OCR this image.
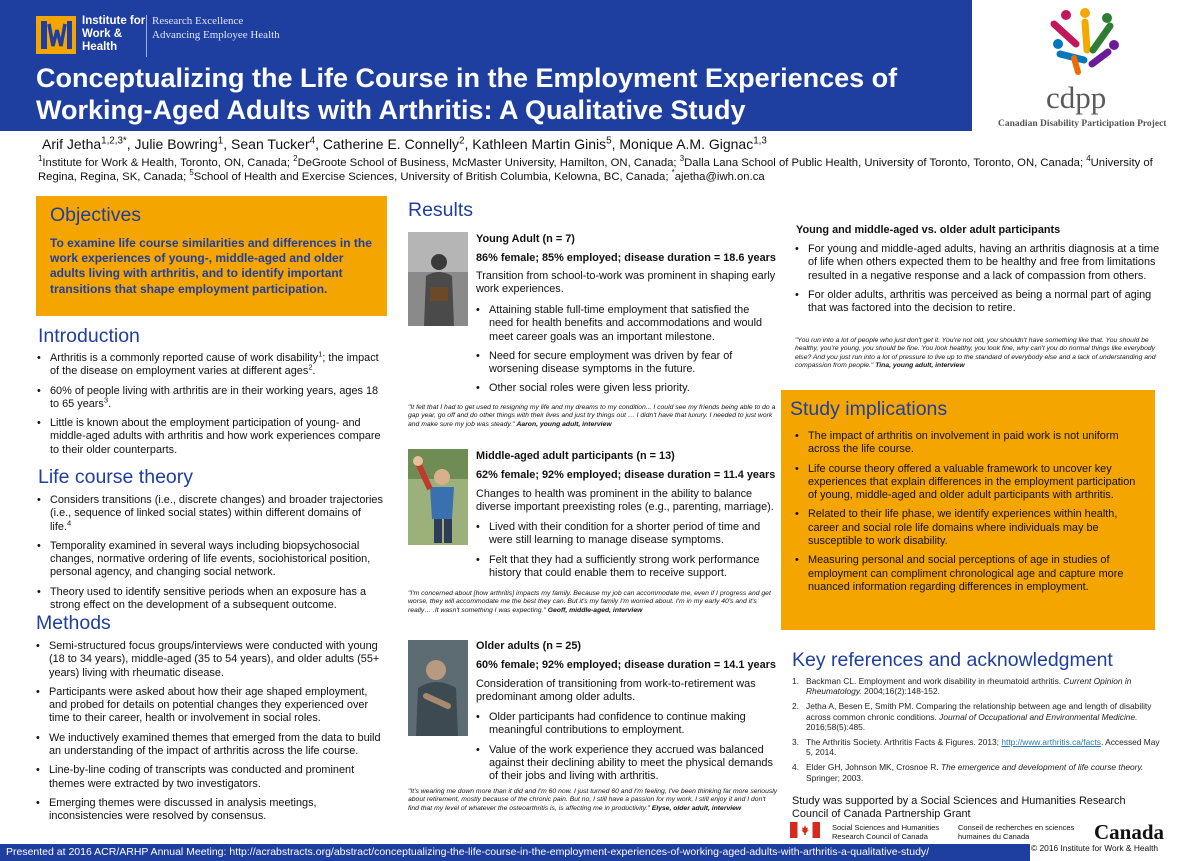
Institute for Work & Health
Research Excellence Advancing Employee Health
Conceptualizing the Life Course in the Employment Experiences of Working-Aged Adults with Arthritis: A Qualitative Study	cdpp
Canadian Disability Participation Project
Arif Jetha$^{1,2,3*}$, Julie Bowring$^1$, Sean Tucker$^4$, Catherine E. Connelly$^2$, Kathleen Martin Ginis$^5$, Monique A.M. Gignac$^{1,3}$
$^1$Institute for Work & Health, Toronto, ON, Canada; $^2$DeGroote School of Business, McMaster University, Hamilton, ON, Canada; $^3$Dalla Lana School of Public Health, University of Toronto, Toronto, ON, Canada; $^4$University of Regina, Regina, SK, Canada; $^5$School of Health and Exercise Sciences, University of British Columbia, Kelowna, BC, Canada; *ajetha@iwh.on.ca
Objectives
To examine life course similarities and differences in the work experiences of young-, middle-aged and older adults living with arthritis, and to identify important transitions that shape employment participation.
Introduction
• Arthritis is a commonly reported cause of work disability$^1$; the impact of the disease on employment varies at different ages$^2$.
• 60% of people living with arthritis are in their working years, ages 18 to 65 years$^3$.
• Little is known about the employment participation of young- and middle-aged adults with arthritis and how work experiences compare to their older counterparts.
Life course theory
• Considers transitions (i.e., discrete changes) and broader trajectories (i.e., sequence of linked social states) within different domains of life.$^4$
• Temporality examined in several ways including biopsychosocial changes, normative ordering of life events, sociohistorical position, personal agency, and changing social network.
• Theory used to identify sensitive periods when an exposure has a strong effect on the development of a subsequent outcome.
Methods
• Semi-structured focus groups/interviews were conducted with young (18 to 34 years), middle-aged (35 to 54 years), and older adults (55+ years) living with rheumatic disease.
• Participants were asked about how their age shaped employment, and probed for details on potential changes they experienced over time to their career, health or involvement in social roles.
• We inductively examined themes that emerged from the data to build an understanding of the impact of arthritis across the life course.
• Line-by-line coding of transcripts was conducted and prominent themes were extracted by two investigators.
• Emerging themes were discussed in analysis meetings, inconsistencies were resolved by consensus.
Results
Young Adult (n = 7)
86% female; 85% employed; disease duration = 18.6 years
Transition from school-to-work was prominent in shaping early work experiences.
• Attaining stable full-time employment that satisfied the need for health benefits and accommodations and would meet career goals was an important milestone.
• Need for secure employment was driven by fear of worsening disease symptoms in the future.
• Other social roles were given less priority.
"It felt that I had to get used to resigning my life and my dreams to my condition... I could see my friends being able to do a gap year, go off and do other things with their lives and just try things out … I didn't have that luxury. I needed to just work and make sure my job was steady." Aaron, young adult, interview
Middle-aged adult participants (n = 13)
62% female; 92% employed; disease duration = 11.4 years
Changes to health was prominent in the ability to balance diverse important preexisting roles (e.g., parenting, marriage).
• Lived with their condition for a shorter period of time and were still learning to manage disease symptoms.
• Felt that they had a sufficiently strong work performance history that could enable them to receive support.
"I'm concerned about [how arthritis] impacts my family. Because my job can accommodate me, even if I progress and get worse, they will accommodate me the best they can. But it's my family I'm worried about. I'm in my early 40's and it's really… .It wasn't something I was expecting." Geoff, middle-aged, interview
Older adults (n = 25)
60% female; 92% employed; disease duration = 14.1 years
Consideration of transitioning from work-to-retirement was predominant among older adults.
• Older participants had confidence to continue making meaningful contributions to employment.
• Value of the work experience they accrued was balanced against their declining ability to meet the physical demands of their jobs and living with arthritis.
"It's wearing me down more than it did and I'm 60 now. I just turned 60 and I'm feeling, I've been thinking far more seriously about retirement, mostly because of the chronic pain. But no, I still have a passion for my work, I still enjoy it and I don't find that my level of whatever the osteoarthritis is, is affecting me in productivity." Elyse, older adult, interview
Young and middle-aged vs. older adult participants
• For young and middle-aged adults, having an arthritis diagnosis at a time of life when others expected them to be healthy and free from limitations resulted in a negative response and a lack of compassion from others.
• For older adults, arthritis was perceived as being a normal part of aging that was factored into the decision to retire.
"You run into a lot of people who just don't get it. You're not old, you shouldn't have something like that. You should be healthy, you're young, you should be fine. You look healthy, you look fine, why can't you do normal things like everybody else? And you just run into a lot of pressure to live up to the standard of everybody else and a lack of understanding and compassion from people." Tina, young adult, interview
Study implications
• The impact of arthritis on involvement in paid work is not uniform across the life course.
• Life course theory offered a valuable framework to uncover key experiences that explain differences in the employment participation of young, middle-aged and older adult participants with arthritis.
• Related to their life phase, we identify experiences within health, career and social role life domains where individuals may be susceptible to work disability.
• Measuring personal and social perceptions of age in studies of employment can compliment chronological age and capture more nuanced information regarding differences in employment.
Key references and acknowledgment
1. Backman CL. Employment and work disability in rheumatoid arthritis. Current Opinion in Rheumatology. 2004;16(2):148-152.
2. Jetha A, Besen E, Smith PM. Comparing the relationship between age and length of disability across common chronic conditions. Journal of Occupational and Environmental Medicine. 2016;58(5):485.
3. The Arthritis Society. Arthritis Facts & Figures. 2013; http://www.arthritis.ca/facts. Accessed May 5, 2014.
4. Elder GH, Johnson MK, Crosnoe R. The emergence and development of life course theory. Springer; 2003.
Study was supported by a Social Sciences and Humanities Research Council of Canada Partnership Grant
Social Sciences and Humanities Research Council of Canada
Conseil de recherches en sciences humaines du Canada	Canada
© 2016 Institute for Work & Health
Presented at 2016 ACR/ARHP Annual Meeting: http://acrabstracts.org/abstract/conceptualizing-the-life-course-in-the-employment-experiences-of-working-aged-adults-with-arthritis-a-qualitative-study/
